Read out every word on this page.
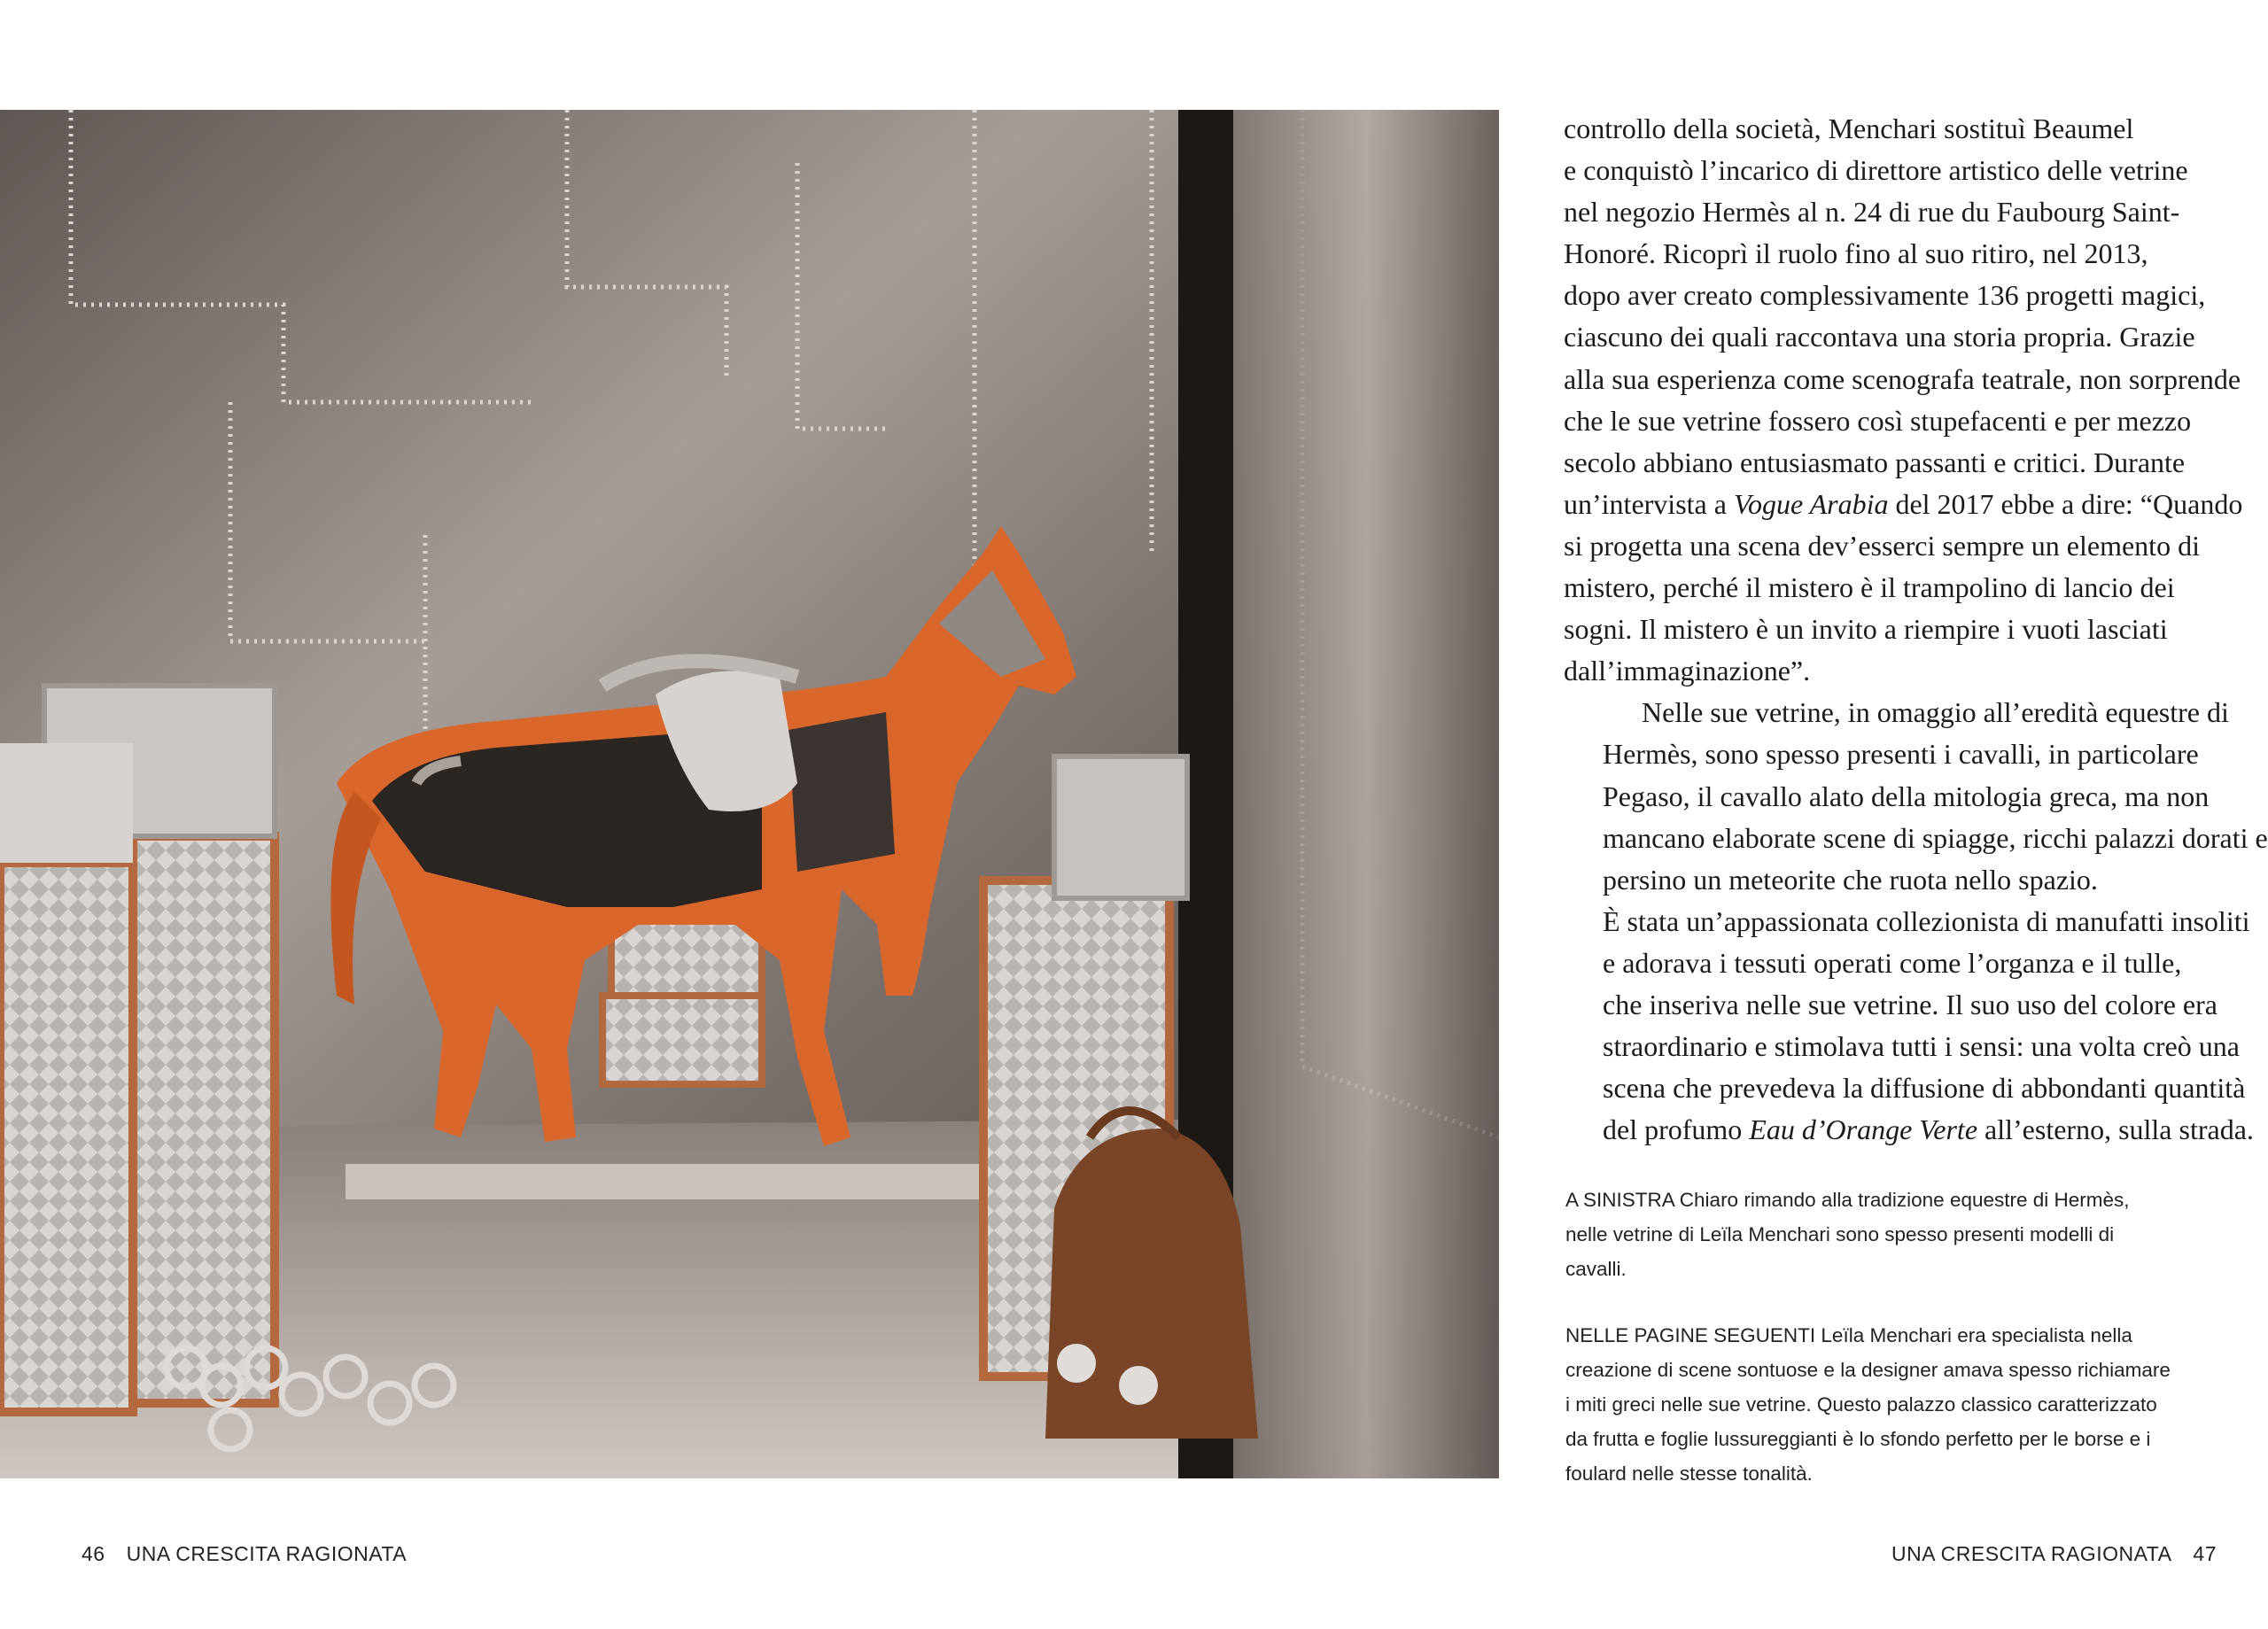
controllo della società, Menchari sostituì Beaumel
e conquistò l’incarico di direttore artistico delle vetrine
nel negozio Hermès al n. 24 di rue du Faubourg Saint-
Honoré. Ricoprì il ruolo fino al suo ritiro, nel 2013,
dopo aver creato complessivamente 136 progetti magici,
ciascuno dei quali raccontava una storia propria. Grazie
alla sua esperienza come scenografa teatrale, non sorprende
che le sue vetrine fossero così stupefacenti e per mezzo
secolo abbiano entusiasmato passanti e critici. Durante
un’intervista a Vogue Arabia del 2017 ebbe a dire: “Quando
si progetta una scena dev’esserci sempre un elemento di
mistero, perché il mistero è il trampolino di lancio dei
sogni. Il mistero è un invito a riempire i vuoti lasciati
dall’immaginazione”.

Nelle sue vetrine, in omaggio all’eredità equestre di
Hermès, sono spesso presenti i cavalli, in particolare
Pegaso, il cavallo alato della mitologia greca, ma non
mancano elaborate scene di spiagge, ricchi palazzi dorati e
persino un meteorite che ruota nello spazio.
È stata un’appassionata collezionista di manufatti insoliti
e adorava i tessuti operati come l’organza e il tulle,
che inseriva nelle sue vetrine. Il suo uso del colore era
straordinario e stimolava tutti i sensi: una volta creò una
scena che prevedeva la diffusione di abbondanti quantità
del profumo Eau d’Orange Verte all’esterno, sulla strada.

A SINISTRA Chiaro rimando alla tradizione equestre di Hermès,
nelle vetrine di Leïla Menchari sono spesso presenti modelli di
cavalli.
NELLE PAGINE SEGUENTI Leïla Menchari era specialista nella
creazione di scene sontuose e la designer amava spesso richiamare
i miti greci nelle sue vetrine. Questo palazzo classico caratterizzato
da frutta e foglie lussureggianti è lo sfondo perfetto per le borse e i
foulard nelle stesse tonalità.
46 UNA CRESCITA RAGIONATA	UNA CRESCITA RAGIONATA 47
